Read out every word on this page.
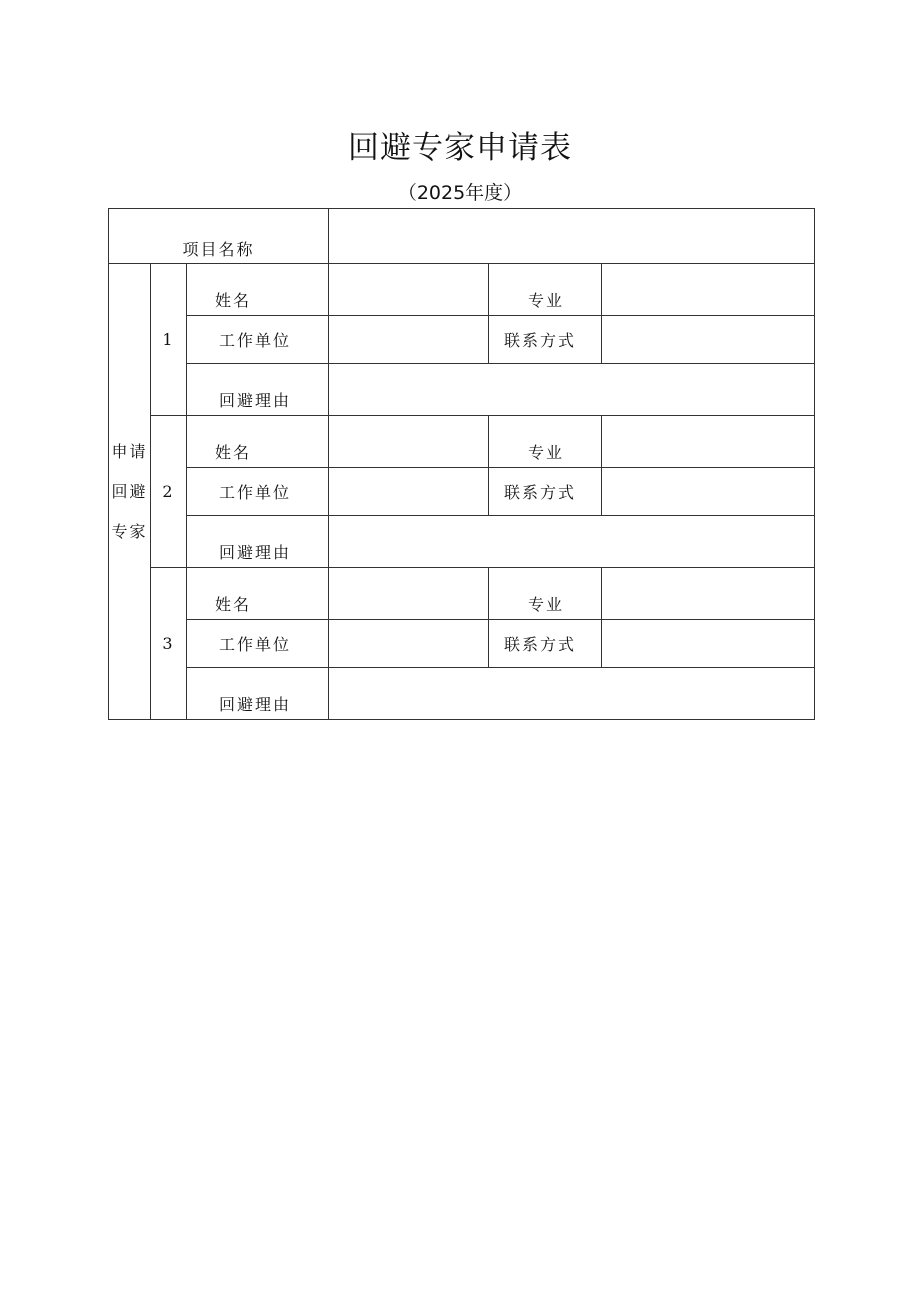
回避专家申请表
（2025年度）
项目名称					

申请
回避
专家	1	姓名		专业	
		工作单位		联系方式	
		回避理由			
	2	姓名		专业	
		工作单位		联系方式	
		回避理由			
	3	姓名		专业	
		工作单位		联系方式	
		回避理由			
